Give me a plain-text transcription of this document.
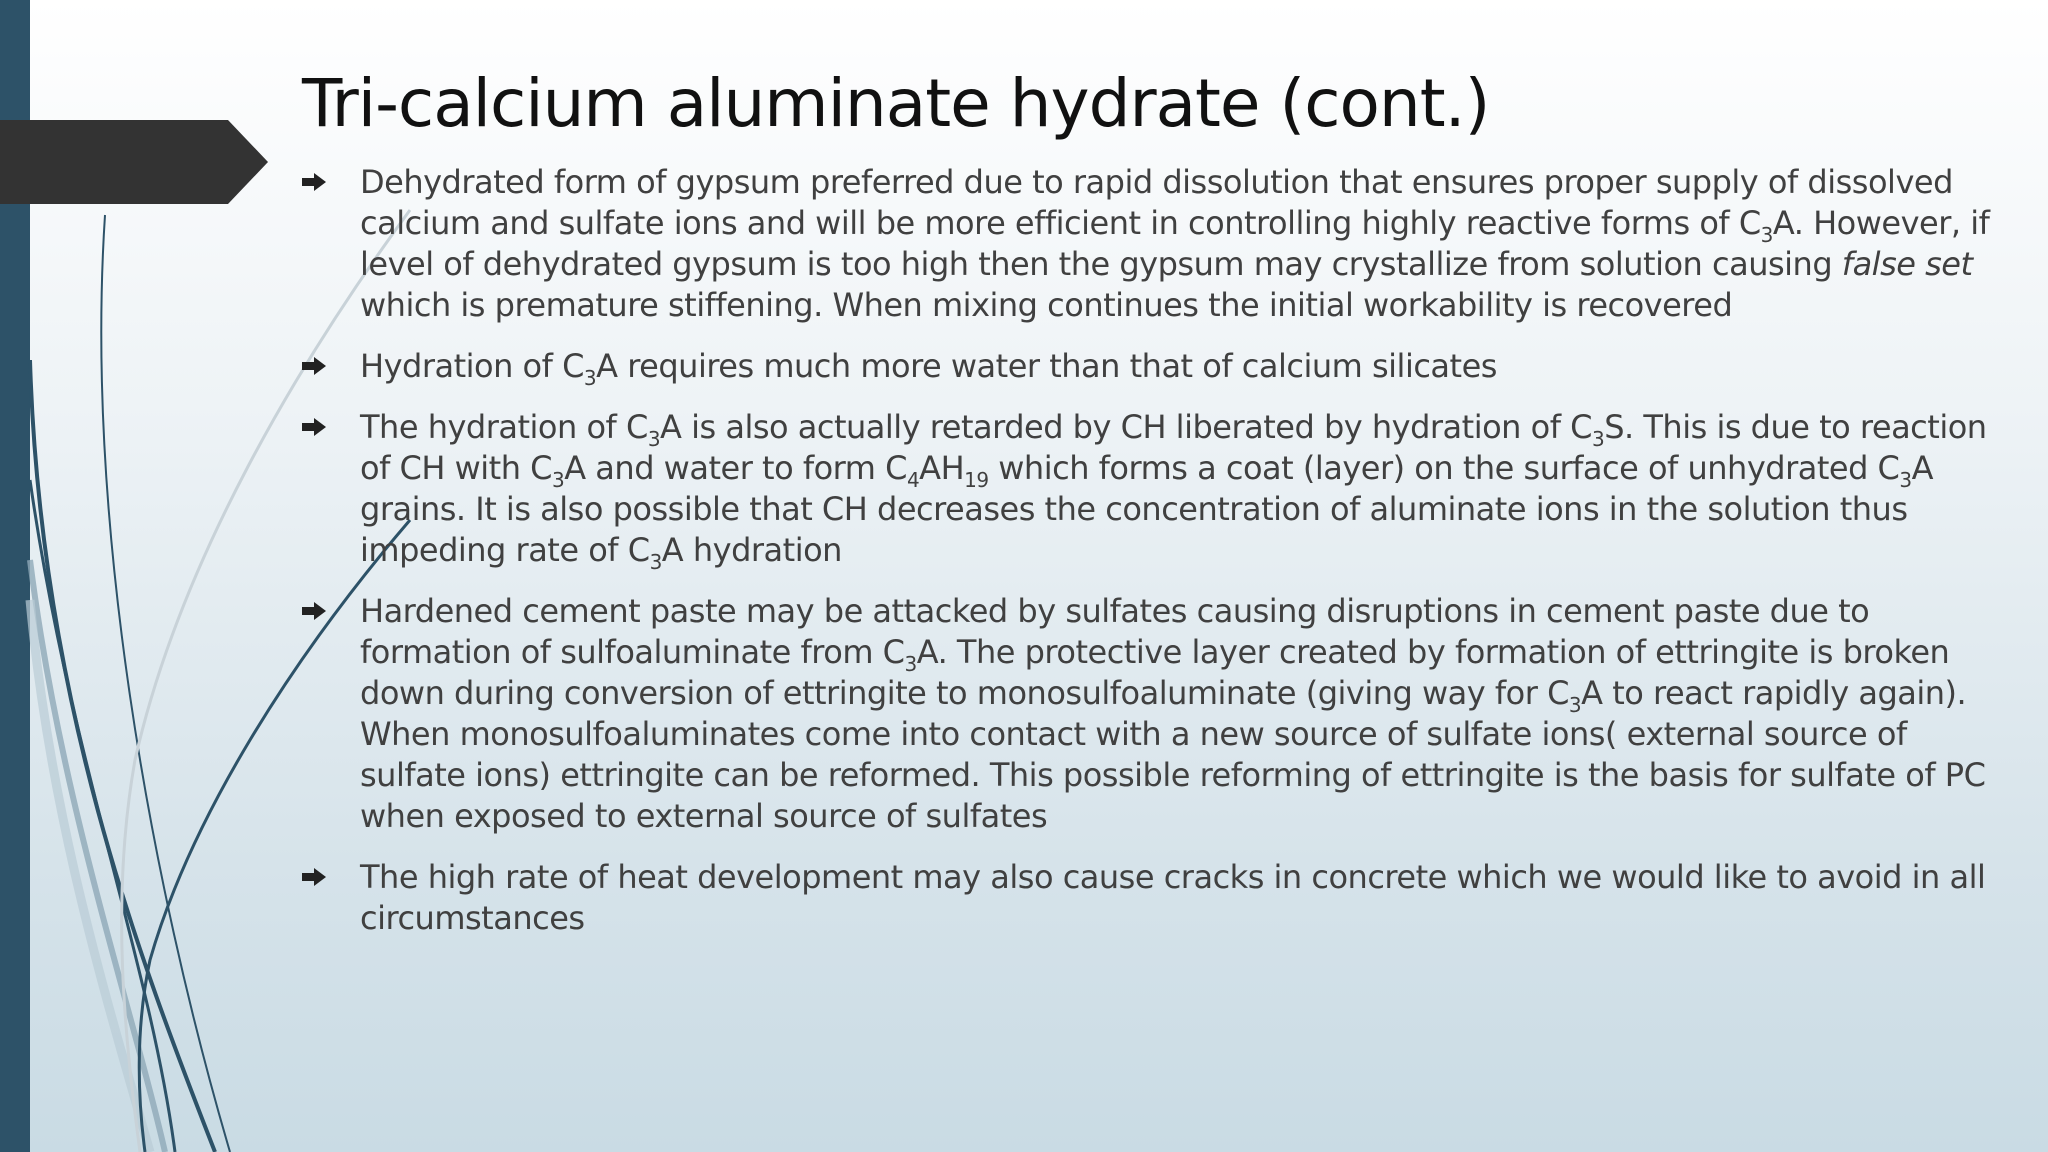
Tri-calcium aluminate hydrate (cont.)
Dehydrated form of gypsum preferred due to rapid dissolution that ensures proper supply of dissolved calcium and sulfate ions and will be more efficient in controlling highly reactive forms of $C_3A$. However, if level of dehydrated gypsum is too high then the gypsum may crystallize from solution causing false set which is premature stiffening. When mixing continues the initial workability is recovered
Hydration of $C_3A$ requires much more water than that of calcium silicates
The hydration of $C_3A$ is also actually retarded by CH liberated by hydration of $C_3S$. This is due to reaction of CH with $C_3A$ and water to form $C_4AH_{19}$ which forms a coat (layer) on the surface of unhydrated $C_3A$ grains. It is also possible that CH decreases the concentration of aluminate ions in the solution thus impeding rate of $C_3A$ hydration
Hardened cement paste may be attacked by sulfates causing disruptions in cement paste due to formation of sulfoaluminate from $C_3A$. The protective layer created by formation of ettringite is broken down during conversion of ettringite to monosulfoaluminate (giving way for $C_3A$ to react rapidly again). When monosulfoaluminates come into contact with a new source of sulfate ions( external source of sulfate ions) ettringite can be reformed. This possible reforming of ettringite is the basis for sulfate of PC when exposed to external source of sulfates
The high rate of heat development may also cause cracks in concrete which we would like to avoid in all circumstances
